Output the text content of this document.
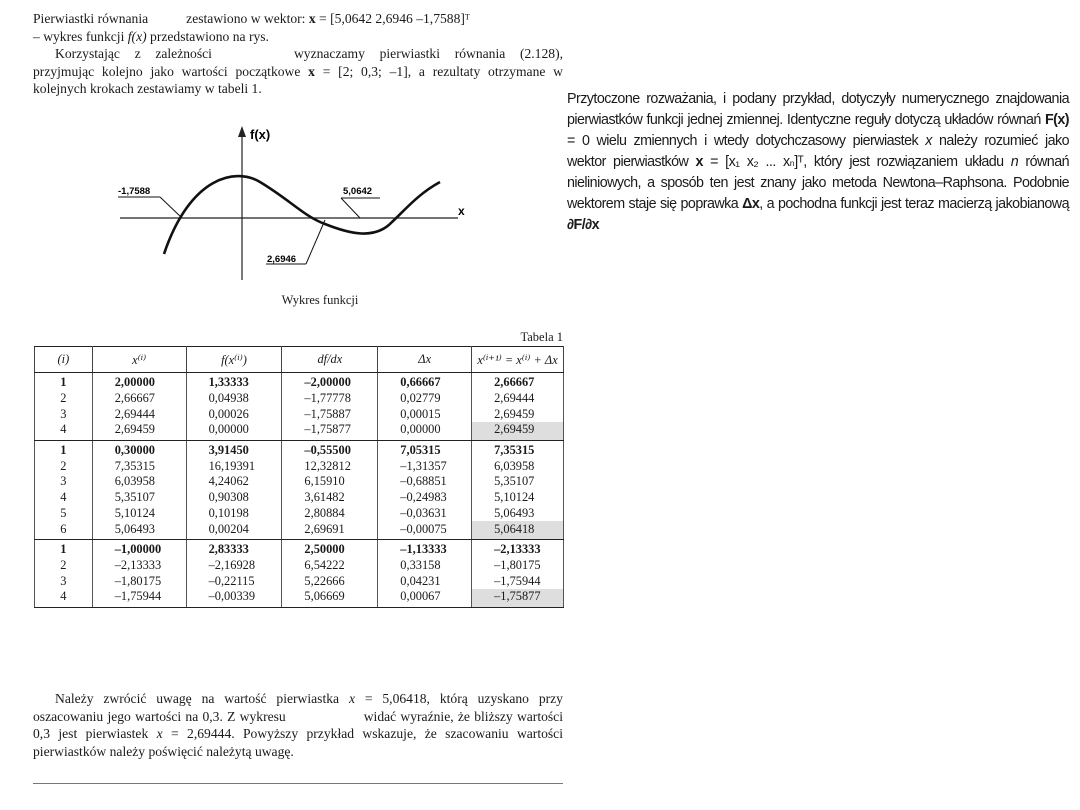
Pierwiastki równania	zestawiono w wektor: x = [5,0642 2,6946 –1,7588]ᵀ

– wykres funkcji f(x) przedstawiono na rys.

Korzystając z zależności	wyznaczamy pierwiastki równania (2.128), przyjmując kolejno jako wartości początkowe x = [2; 0,3; –1], a rezultaty otrzymane w kolejnych krokach zestawiamy w tabeli 1.

Przytoczone rozważania, i podany przykład, dotyczyły numerycznego znajdowania pierwiastków funkcji jednej zmiennej. Identyczne reguły dotyczą układów równań F(x) = 0 wielu zmiennych i wtedy dotychczasowy pierwiastek x należy rozumieć jako wektor pierwiastków x = [x₁ x₂ ... xₙ]ᵀ, który jest rozwiązaniem układu n równań nieliniowych, a sposób ten jest znany jako metoda Newtona–Raphsona. Podobnie wektorem staje się poprawka Δx, a pochodna funkcji jest teraz macierzą jakobianową ∂F/∂x

f(x)
x
-1,7588	5,0642
2,6946
Wykres funkcji
Tabela 1
(i)	x⁽ⁱ⁾	f(x⁽ⁱ⁾)	df/dx	Δx	x⁽ⁱ⁺¹⁾ = x⁽ⁱ⁾ + Δx
1	2,00000	1,33333	–2,00000	0,66667	2,66667
2	2,66667	0,04938	–1,77778	0,02779	2,69444
3	2,69444	0,00026	–1,75887	0,00015	2,69459
4	2,69459	0,00000	–1,75877	0,00000	2,69459
1	0,30000	3,91450	–0,55500	7,05315	7,35315
2	7,35315	16,19391	12,32812	–1,31357	6,03958
3	6,03958	4,24062	6,15910	–0,68851	5,35107
4	5,35107	0,90308	3,61482	–0,24983	5,10124
5	5,10124	0,10198	2,80884	–0,03631	5,06493
6	5,06493	0,00204	2,69691	–0,00075	5,06418
1	–1,00000	2,83333	2,50000	–1,13333	–2,13333
2	–2,13333	–2,16928	6,54222	0,33158	–1,80175
3	–1,80175	–0,22115	5,22666	0,04231	–1,75944
4	–1,75944	–0,00339	5,06669	0,00067	–1,75877

Należy zwrócić uwagę na wartość pierwiastka x = 5,06418, którą uzyskano przy oszacowaniu jego wartości na 0,3. Z wykresu	widać wyraźnie, że bliższy wartości 0,3 jest pierwiastek x = 2,69444. Powyższy przykład wskazuje, że szacowaniu wartości pierwiastków należy poświęcić należytą uwagę.
